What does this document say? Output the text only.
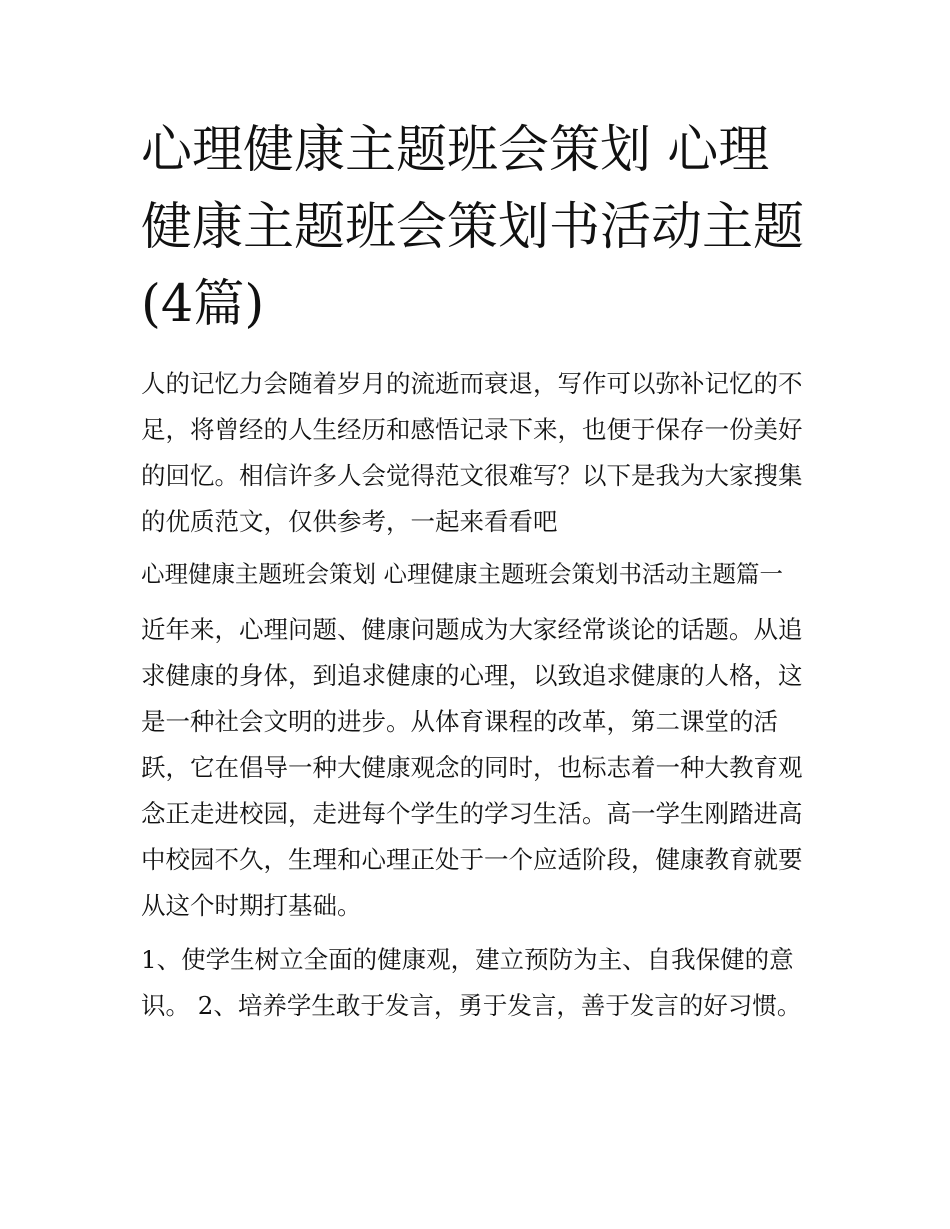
心理健康主题班会策划 心理健康主题班会策划书活动主题(4篇)

人的记忆力会随着岁月的流逝而衰退，写作可以弥补记忆的不足，将曾经的人生经历和感悟记录下来，也便于保存一份美好的回忆。相信许多人会觉得范文很难写？以下是我为大家搜集的优质范文，仅供参考，一起来看看吧

心理健康主题班会策划 心理健康主题班会策划书活动主题篇一

近年来，心理问题、健康问题成为大家经常谈论的话题。从追求健康的身体，到追求健康的心理，以致追求健康的人格，这是一种社会文明的进步。从体育课程的改革，第二课堂的活跃，它在倡导一种大健康观念的同时，也标志着一种大教育观念正走进校园，走进每个学生的学习生活。高一学生刚踏进高中校园不久，生理和心理正处于一个应适阶段，健康教育就要从这个时期打基础。

1、使学生树立全面的健康观，建立预防为主、自我保健的意识。 2、培养学生敢于发言，勇于发言，善于发言的好习惯。
